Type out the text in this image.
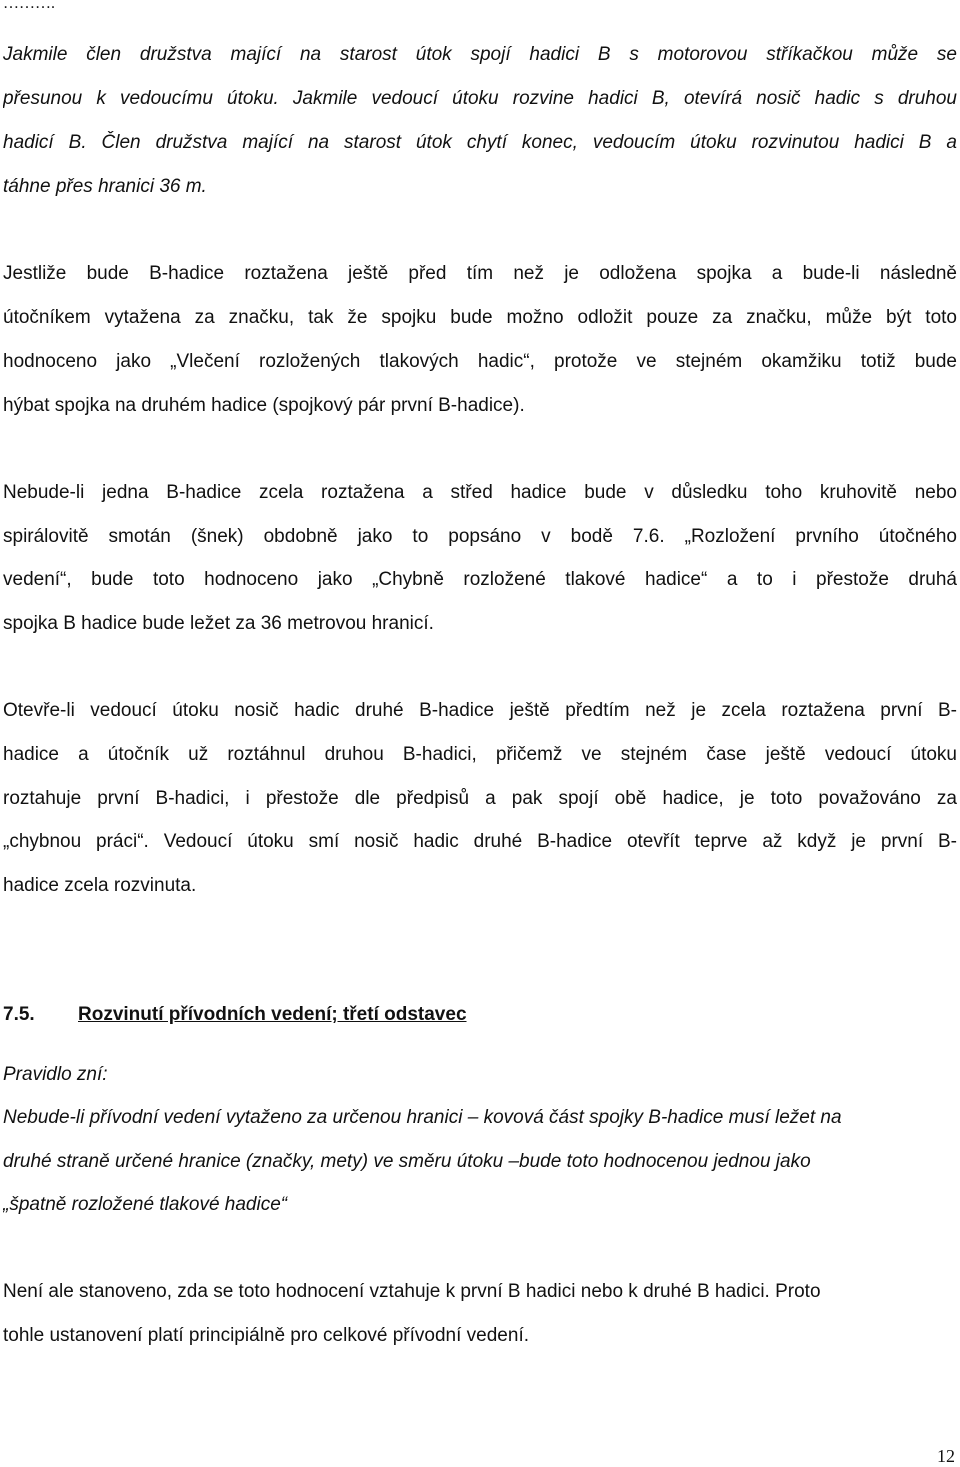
……….
Jakmile člen družstva mající na starost útok spojí hadici B s motorovou stříkačkou může se
přesunou k vedoucímu útoku. Jakmile vedoucí útoku rozvine hadici B, otevírá nosič hadic s druhou
hadicí B. Člen družstva mající na starost útok chytí konec, vedoucím útoku rozvinutou hadici B a
táhne přes hranici 36 m.
Jestliže bude B-hadice roztažena ještě před tím než je odložena spojka a bude-li následně
útočníkem vytažena za značku, tak že spojku bude možno odložit pouze za značku, může být toto
hodnoceno jako „Vlečení rozložených tlakových hadic“, protože ve stejném okamžiku totiž bude
hýbat spojka na druhém hadice (spojkový pár první B-hadice).
Nebude-li jedna B-hadice zcela roztažena a střed hadice bude v důsledku toho kruhovitě nebo
spirálovitě smotán (šnek) obdobně jako to popsáno v bodě 7.6. „Rozložení prvního útočného
vedení“, bude toto hodnoceno jako „Chybně rozložené tlakové hadice“ a to i přestože druhá
spojka B hadice bude ležet za 36 metrovou hranicí.
Otevře-li vedoucí útoku nosič hadic druhé B-hadice ještě předtím než je zcela roztažena první B-
hadice a útočník už roztáhnul druhou B-hadici, přičemž ve stejném čase ještě vedoucí útoku
roztahuje první B-hadici, i přestože dle předpisů a pak spojí obě hadice, je toto považováno za
„chybnou práci“. Vedoucí útoku smí nosič hadic druhé B-hadice otevřít teprve až když je první B-
hadice zcela rozvinuta.
7.5. Rozvinutí přívodních vedení; třetí odstavec
Pravidlo zní:
Nebude-li přívodní vedení vytaženo za určenou hranici – kovová část spojky B-hadice musí ležet na
druhé straně určené hranice (značky, mety) ve směru útoku –bude toto hodnocenou jednou jako
„špatně rozložené tlakové hadice“
Není ale stanoveno, zda se toto hodnocení vztahuje k první B hadici nebo k druhé B hadici. Proto
tohle ustanovení platí principiálně pro celkové přívodní vedení.
12
